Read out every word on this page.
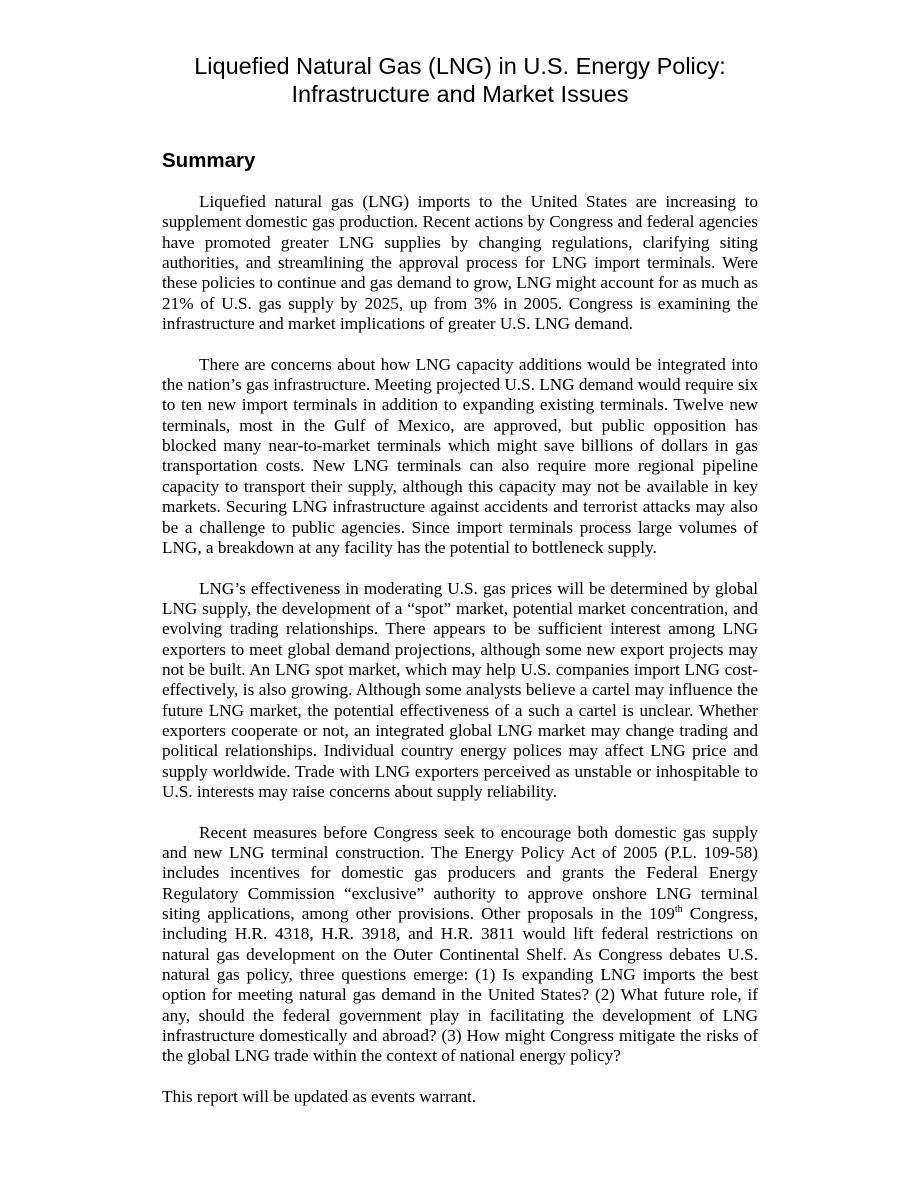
Liquefied Natural Gas (LNG) in U.S. Energy Policy:
Infrastructure and Market Issues
Summary

Liquefied natural gas (LNG) imports to the United States are increasing to supplement domestic gas production. Recent actions by Congress and federal agencies have promoted greater LNG supplies by changing regulations, clarifying siting authorities, and streamlining the approval process for LNG import terminals. Were these policies to continue and gas demand to grow, LNG might account for as much as 21% of U.S. gas supply by 2025, up from 3% in 2005. Congress is examining the infrastructure and market implications of greater U.S. LNG demand.

There are concerns about how LNG capacity additions would be integrated into the nation’s gas infrastructure. Meeting projected U.S. LNG demand would require six to ten new import terminals in addition to expanding existing terminals. Twelve new terminals, most in the Gulf of Mexico, are approved, but public opposition has blocked many near-to-market terminals which might save billions of dollars in gas transportation costs. New LNG terminals can also require more regional pipeline capacity to transport their supply, although this capacity may not be available in key markets. Securing LNG infrastructure against accidents and terrorist attacks may also be a challenge to public agencies. Since import terminals process large volumes of LNG, a breakdown at any facility has the potential to bottleneck supply.

LNG’s effectiveness in moderating U.S. gas prices will be determined by global LNG supply, the development of a “spot” market, potential market concentration, and evolving trading relationships. There appears to be sufficient interest among LNG exporters to meet global demand projections, although some new export projects may not be built. An LNG spot market, which may help U.S. companies import LNG cost-effectively, is also growing. Although some analysts believe a cartel may influence the future LNG market, the potential effectiveness of a such a cartel is unclear. Whether exporters cooperate or not, an integrated global LNG market may change trading and political relationships. Individual country energy polices may affect LNG price and supply worldwide. Trade with LNG exporters perceived as unstable or inhospitable to U.S. interests may raise concerns about supply reliability.

Recent measures before Congress seek to encourage both domestic gas supply and new LNG terminal construction. The Energy Policy Act of 2005 (P.L. 109-58) includes incentives for domestic gas producers and grants the Federal Energy Regulatory Commission “exclusive” authority to approve onshore LNG terminal siting applications, among other provisions. Other proposals in the 109th Congress, including H.R. 4318, H.R. 3918, and H.R. 3811 would lift federal restrictions on natural gas development on the Outer Continental Shelf. As Congress debates U.S. natural gas policy, three questions emerge: (1) Is expanding LNG imports the best option for meeting natural gas demand in the United States? (2) What future role, if any, should the federal government play in facilitating the development of LNG infrastructure domestically and abroad? (3) How might Congress mitigate the risks of the global LNG trade within the context of national energy policy?

This report will be updated as events warrant.
